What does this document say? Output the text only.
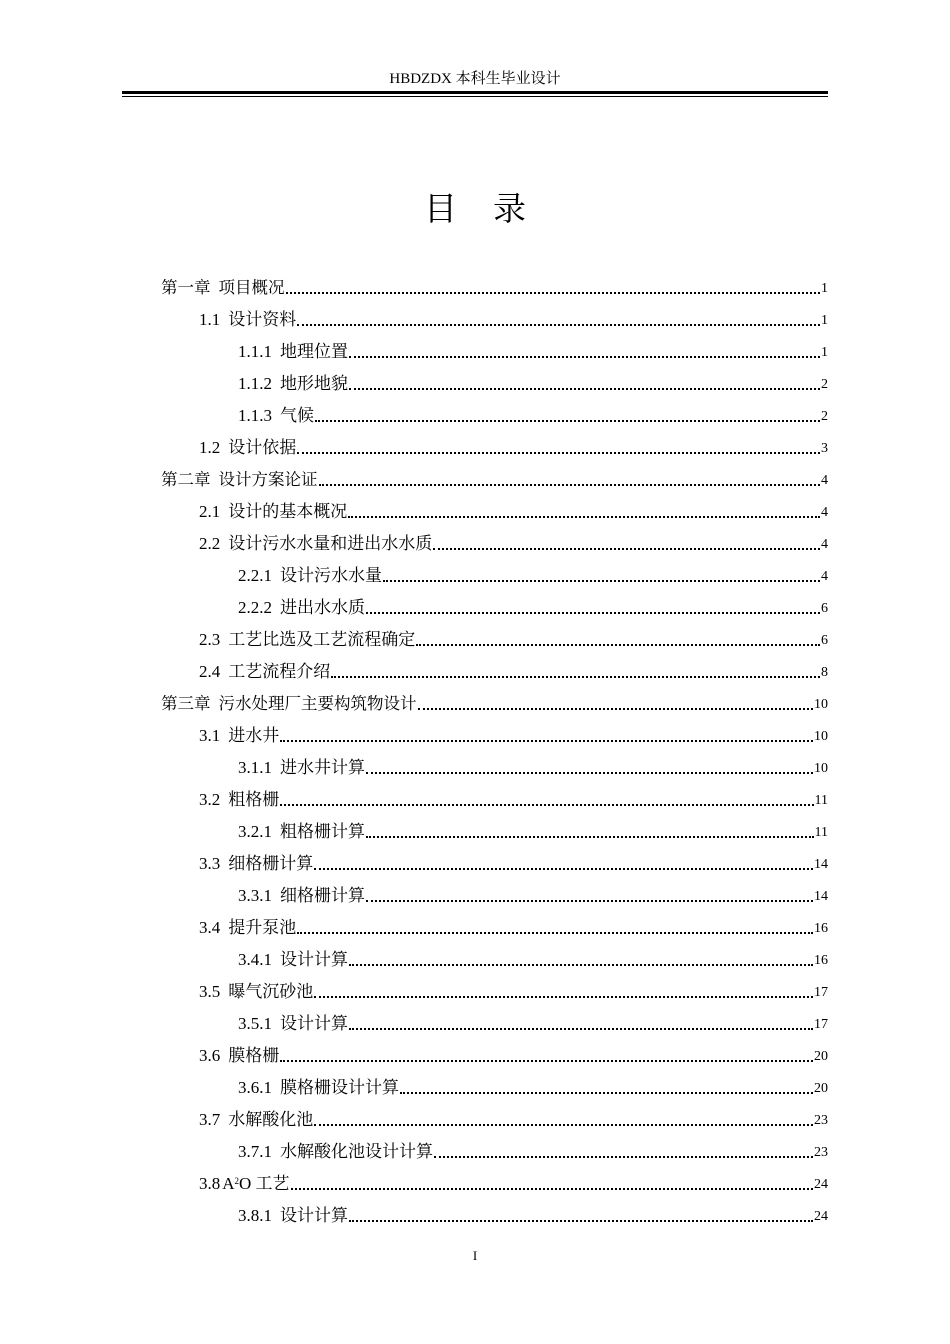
HBDZDX 本科生毕业设计
目录
第一章 项目概况	1
1.1 设计资料	1
1.1.1 地理位置	1
1.1.2 地形地貌	2
1.1.3 气候	2
1.2 设计依据	3
第二章 设计方案论证	4
2.1 设计的基本概况	4
2.2 设计污水水量和进出水水质	4
2.2.1 设计污水水量	4
2.2.2 进出水水质	6
2.3 工艺比选及工艺流程确定	6
2.4 工艺流程介绍	8
第三章 污水处理厂主要构筑物设计	10
3.1 进水井	10
3.1.1 进水井计算	10
3.2 粗格栅	11
3.2.1 粗格栅计算	11
3.3 细格栅计算	14
3.3.1 细格栅计算	14
3.4 提升泵池	16
3.4.1 设计计算	16
3.5 曝气沉砂池	17
3.5.1 设计计算	17
3.6 膜格栅	20
3.6.1 膜格栅设计计算	20
3.7 水解酸化池	23
3.7.1 水解酸化池设计计算	23
3.8 $A^2O$ 工艺	24
3.8.1 设计计算	24
I
